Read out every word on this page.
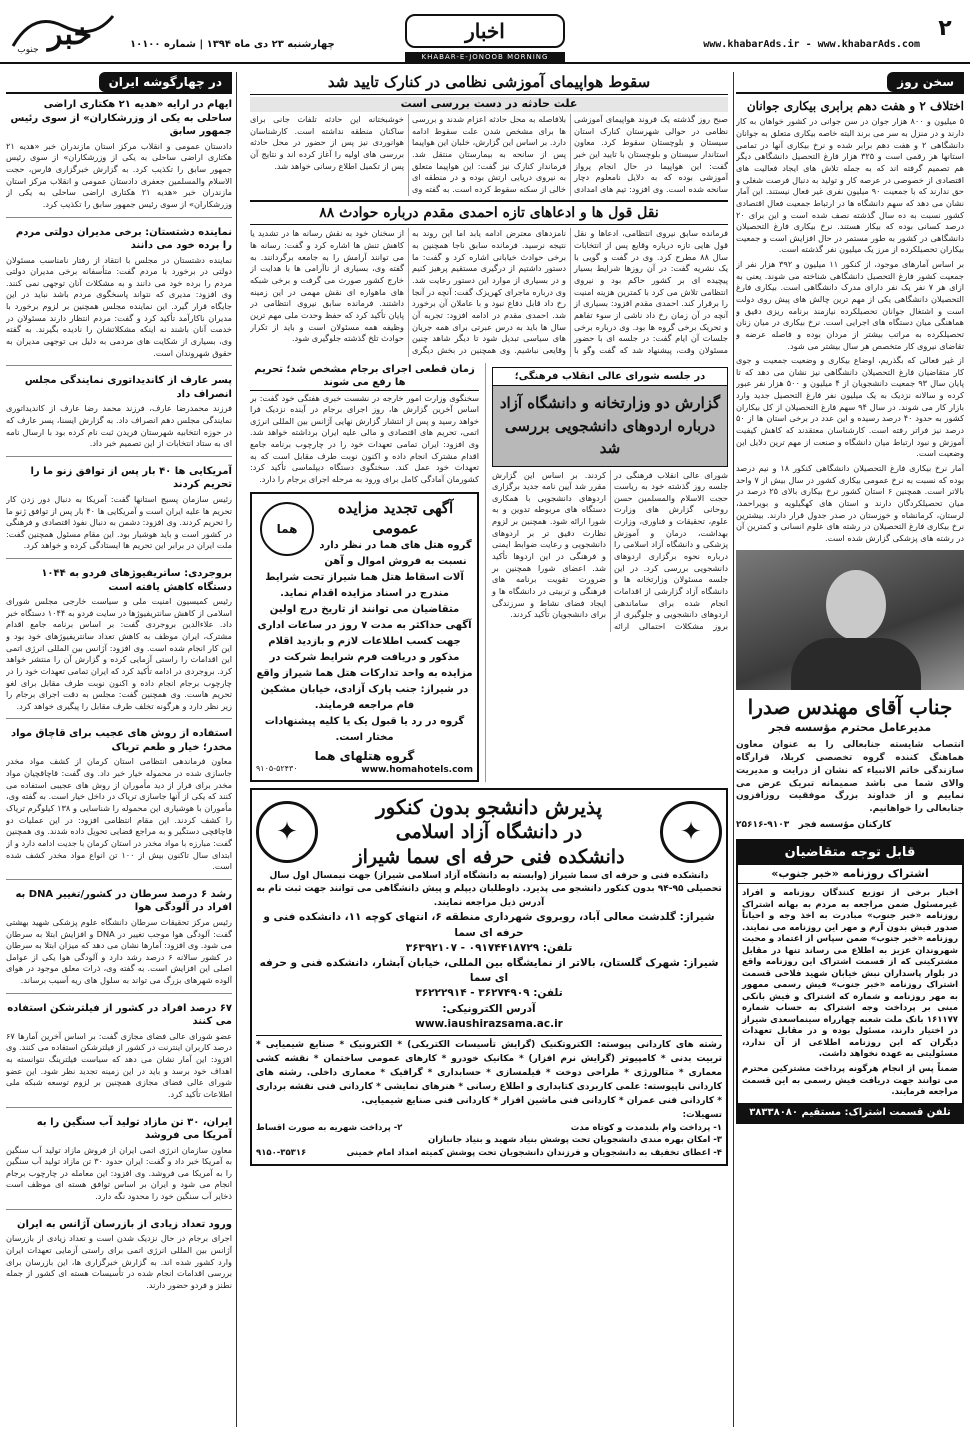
۲
www.khabarAds.ir - www.khabarAds.com
اخبار
KHABAR-E-JONOOB MORNING NEWSPAPER
چهارشنبه ۲۳ دی ماه ۱۳۹۴ | شماره ۱۰۱۰۰
خبر
جنوب
سخن روز
اختلاف ۲ و هفت دهم برابری بیکاری جوانان
۵ میلیون و ۸۰۰ هزار جوان در سن جوانی در کشور خواهان به کار دارند و در منزل به سر می برند البته خاصه بیکاری متعلق به جوانان دانشگاهی ۲ و هفت دهم برابر شده و نرخ بیکاری آنها در تمامی استانها هر رقمی است و ۳۲۵ هزار فارغ التحصیل دانشگاهی دیگر هم تصمیم گرفته اند که به جمله تلاش های ایجاد فعالیت های اقتصادی از خصوصی در عرصه کار و تولید به دنبال فرصت شغلی و حق ندارند که با جمعیت ۹۰ میلیون نفری غیر فعال نیستند. این آمار نشان می دهد که سهم دانشگاه ها در ارتباط جمعیت فعال اقتصادی کشور نسبت به ده سال گذشته نصف شده است و این برای ۲۰ درصد کسانی بوده که بیکار هستند. نرخ بیکاری فارغ التحصیلان دانشگاهی در کشور به طور مستمر در حال افزایش است و جمعیت بیکاران تحصیلکرده از مرز یک میلیون نفر گذشته است.
بر اساس آمارهای موجود، از کنکور ۱۱ میلیون و ۳۹۲ هزار نفر از جمعیت کشور فارغ التحصیل دانشگاهی شناخته می شوند. یعنی به ازای هر ۷ نفر یک نفر دارای مدرک دانشگاهی است. بیکاری فارغ التحصیلان دانشگاهی یکی از مهم ترین چالش های پیش روی دولت است و اشتغال جوانان تحصیلکرده نیازمند برنامه ریزی دقیق و هماهنگی میان دستگاه های اجرایی است. نرخ بیکاری در میان زنان تحصیلکرده به مراتب بیشتر از مردان بوده و فاصله عرضه و تقاضای نیروی کار متخصص هر سال بیشتر می شود.
از غیر فعالی که بگذریم، اوضاع بیکاری و وضعیت جمعیت و جوی کار متقاضیان فارغ التحصیلان دانشگاهی نیز نشان می دهد که تا پایان سال ۹۳ جمعیت دانشجویان از ۴ میلیون و ۵۰۰ هزار نفر عبور کرده و سالانه نزدیک به یک میلیون نفر فارغ التحصیل جدید وارد بازار کار می شوند. در سال ۹۴ سهم فارغ التحصیلان از کل بیکاران کشور به حدود ۴۰ درصد رسیده و این عدد در برخی استان ها از ۵۰ درصد نیز فراتر رفته است. کارشناسان معتقدند که کاهش کیفیت آموزش و نبود ارتباط میان دانشگاه و صنعت از مهم ترین دلایل این وضعیت است.
آمار نرخ بیکاری فارغ التحصیلان دانشگاهی کنکور ۱۸ و نیم درصد بوده که نسبت به نرخ عمومی بیکاری کشور در سال بیش از ۷ واحد بالاتر است. همچنین ۶ استان کشور نرخ بیکاری بالای ۲۵ درصد در میان تحصیلکردگان دارند و استان های کهگیلویه و بویراحمد، لرستان، کرمانشاه و خوزستان در صدر جدول قرار دارند. بیشترین نرخ بیکاری فارغ التحصیلان در رشته های علوم انسانی و کمترین آن در رشته های پزشکی گزارش شده است.
جناب آقای مهندس صدرا
مدیرعامل محترم مؤسسه فجر
انتصاب شایسته جنابعالی را به عنوان معاون هماهنگ کننده گروه تخصصی کربلا، قرارگاه سازندگی خاتم الانبیاء که نشان از درایت و مدیریت والای شما می باشد صمیمانه تبریک عرض می نماییم و از خداوند بزرگ موفقیت روزافزون جنابعالی را خواهانیم.
کارکنان مؤسسه فجر   ۹۱۰۳-۲۵۶۱۶
قابل توجه متقاضیان
اشتراک روزنامه «خبر جنوب»
اخبار برخی از توزیع کنندگان روزنامه و افراد غیرمسئول ضمن مراجعه به مردم به بهانه اشتراک روزنامه «خبر جنوب» مبادرت به اخذ وجه و احیاناً صدور فیش بدون آرم و مهر این روزنامه می نمایند. روزنامه «خبر جنوب» ضمن سپاس از اعتماد و محبت شهروندان عزیز به اطلاع می رساند تنها در مقابل مشترکینی که از قسمت اشتراک این روزنامه واقع در بلوار پاسداران نبش خیابان شهید فلاحی قسمت اشتراک روزنامه «خبر جنوب» فیش رسمی ممهور به مهر روزنامه و شماره که اشتراک و فیش بانکی مبنی بر پرداخت وجه اشتراک به حساب شماره ۱۶۱۱۷۷ بانک ملت شعبه چهارراه سینماسعدی شیراز در اختیار دارند، مسئول بوده و در مقابل تعهدات دیگران که این روزنامه اطلاعی از آن ندارد، مسئولیتی به عهده نخواهد داشت.
ضمناً پس از انجام هرگونه پرداخت مشترکین محترم می توانند جهت دریافت فیش رسمی به این قسمت مراجعه فرمایند.
تلفن قسمت اشتراک: مستقیم ۳۸۳۳۸۰۸۰
سقوط هواپیمای آموزشی نظامی در کنارک تایید شد
علت حادثه در دست بررسی است
صبح روز گذشته یک فروند هواپیمای آموزشی نظامی در حوالی شهرستان کنارک استان سیستان و بلوچستان سقوط کرد. معاون استاندار سیستان و بلوچستان با تایید این خبر گفت: این هواپیما در حال انجام پرواز آموزشی بوده که به دلایل نامعلوم دچار سانحه شده است. وی افزود: تیم های امدادی بلافاصله به محل حادثه اعزام شدند و بررسی ها برای مشخص شدن علت سقوط ادامه دارد. بر اساس این گزارش، خلبان این هواپیما پس از سانحه به بیمارستان منتقل شد. فرماندار کنارک نیز گفت: این هواپیما متعلق به نیروی دریایی ارتش بوده و در منطقه ای خالی از سکنه سقوط کرده است. به گفته وی خوشبختانه این حادثه تلفات جانی برای ساکنان منطقه نداشته است. کارشناسان هوانوردی نیز پس از حضور در محل حادثه بررسی های اولیه را آغاز کرده اند و نتایج آن پس از تکمیل اطلاع رسانی خواهد شد.
نقل قول ها و ادعاهای تازه احمدی مقدم درباره حوادث ۸۸
فرمانده سابق نیروی انتظامی، ادعاها و نقل قول هایی تازه درباره وقایع پس از انتخابات سال ۸۸ مطرح کرد. وی در گفت و گویی با یک نشریه گفت: در آن روزها شرایط بسیار پیچیده ای بر کشور حاکم بود و نیروی انتظامی تلاش می کرد با کمترین هزینه امنیت را برقرار کند. احمدی مقدم افزود: بسیاری از آنچه در آن زمان رخ داد ناشی از سوء تفاهم و تحریک برخی گروه ها بود. وی درباره برخی جلسات آن ایام گفت: در جلسه ای با حضور مسئولان وقت، پیشنهاد شد که گفت وگو با نامزدهای معترض ادامه یابد اما این روند به نتیجه نرسید. فرمانده سابق ناجا همچنین به برخی حوادث خیابانی اشاره کرد و گفت: ما دستور داشتیم از درگیری مستقیم پرهیز کنیم و در بسیاری از موارد این دستور رعایت شد. وی درباره ماجرای کهریزک گفت: آنچه در آنجا رخ داد قابل دفاع نبود و با عاملان آن برخورد شد. احمدی مقدم در ادامه افزود: تجربه آن سال ها باید به درس عبرتی برای همه جریان های سیاسی تبدیل شود تا دیگر شاهد چنین وقایعی نباشیم. وی همچنین در بخش دیگری از سخنان خود به نقش رسانه ها در تشدید یا کاهش تنش ها اشاره کرد و گفت: رسانه ها می توانند آرامش را به جامعه برگردانند. به گفته وی، بسیاری از ناآرامی ها با هدایت از خارج کشور صورت می گرفت و برخی شبکه های ماهواره ای نقش مهمی در این زمینه داشتند. فرمانده سابق نیروی انتظامی در پایان تأکید کرد که حفظ وحدت ملی مهم ترین وظیفه همه مسئولان است و باید از تکرار حوادث تلخ گذشته جلوگیری شود.
در جلسه شورای عالی انقلاب فرهنگی؛
گزارش دو وزارتخانه و دانشگاه آزاد درباره اردوهای دانشجویی بررسی شد
شورای عالی انقلاب فرهنگی در جلسه روز گذشته خود به ریاست حجت الاسلام والمسلمین حسن روحانی گزارش های وزارت علوم، تحقیقات و فناوری، وزارت بهداشت، درمان و آموزش پزشکی و دانشگاه آزاد اسلامی را درباره نحوه برگزاری اردوهای دانشجویی بررسی کرد. در این جلسه مسئولان وزارتخانه ها و دانشگاه آزاد گزارشی از اقدامات انجام شده برای ساماندهی اردوهای دانشجویی و جلوگیری از بروز مشکلات احتمالی ارائه کردند. بر اساس این گزارش مقرر شد آیین نامه جدید برگزاری اردوهای دانشجویی با همکاری دستگاه های مربوطه تدوین و به شورا ارائه شود. همچنین بر لزوم نظارت دقیق تر بر اردوهای دانشجویی و رعایت ضوابط ایمنی و فرهنگی در این اردوها تأکید شد. اعضای شورا همچنین بر ضرورت تقویت برنامه های فرهنگی و تربیتی در دانشگاه ها و ایجاد فضای نشاط و سرزندگی برای دانشجویان تأکید کردند.
زمان قطعی اجرای برجام مشخص شد؛ تحریم ها رفع می شوند
سخنگوی وزارت امور خارجه در نشست خبری هفتگی خود گفت: بر اساس آخرین گزارش ها، روز اجرای برجام در آینده نزدیک فرا خواهد رسید و پس از انتشار گزارش نهایی آژانس بین المللی انرژی اتمی، تحریم های اقتصادی و مالی علیه ایران برداشته خواهد شد. وی افزود: ایران تمامی تعهدات خود را در چارچوب برنامه جامع اقدام مشترک انجام داده و اکنون نوبت طرف مقابل است که به تعهدات خود عمل کند. سخنگوی دستگاه دیپلماسی تأکید کرد: کشورمان آمادگی کامل برای ورود به مرحله اجرای برجام را دارد.
هما
آگهی تجدید مزایده عمومی
گروه هتل های هما در نظر دارد نسبت به فروش اموال و آهن آلات اسقاط هتل هما شیراز تحت شرایط مندرج در اسناد مزایده اقدام نماید. متقاضیان می توانند از تاریخ درج اولین آگهی حداکثر به مدت ۷ روز در ساعات اداری جهت کسب اطلاعات لازم و بازدید اقلام مذکور و دریافت فرم شرایط شرکت در مزایده به واحد تدارکات هتل هما شیراز واقع در شیراز: جنب پارک آزادی، خیابان مشکین فام مراجعه فرمایند.
گروه در رد یا قبول یک یا کلیه پیشنهادات مختار است.
گروه هتلهای هما
www.homahotels.com
۹۱۰۵-۵۲۴۳۰
✦
پذیرش دانشجو بدون کنکور
در دانشگاه آزاد اسلامی
دانشکده فنی حرفه ای سما شیراز
✦
دانشکده فنی و حرفه ای سما شیراز (وابسته به دانشگاه آزاد اسلامی شیراز) جهت نیمسال اول سال تحصیلی ۹۵-۹۴ بدون کنکور دانشجو می پذیرد. داوطلبان دیپلم و پیش دانشگاهی می توانند جهت ثبت نام به آدرس ذیل مراجعه نمایند.
شیراز: گلدشت معالی آباد، روبروی شهرداری منطقه ۶، انتهای کوچه ۱۱، دانشکده فنی و حرفه ای سما
تلفن: ۰۹۱۷۴۴۱۸۷۲۹ - ۳۶۳۹۲۱۰۷
شیراز: شهرک گلستان، بالاتر از نمایشگاه بین المللی، خیابان آبشار، دانشکده فنی و حرفه ای سما
تلفن: ۳۶۲۷۴۹۰۹ - ۳۶۲۲۲۹۱۴
آدرس الکترونیکی:
www.iaushirazsama.ac.ir
رشته های کاردانی پیوسته: الکتروتکنیک (گرایش تأسیسات الکتریکی) * الکترونیک * صنایع شیمیایی * تربیت بدنی * کامپیوتر (گرایش نرم افزار) * مکانیک خودرو * کارهای عمومی ساختمان * نقشه کشی معماری * متالورژی * طراحی دوخت * فیلمسازی * حسابداری * گرافیک * معماری داخلی. رشته های کاردانی ناپیوسته: علمی کاربردی کتابداری و اطلاع رسانی * هنرهای نمایشی * کاردانی فنی نقشه برداری * کاردانی فنی عمران * کاردانی فنی ماشین افزار * کاردانی فنی صنایع شیمیایی.
تسهیلات:
۱- پرداخت وام بلندمدت و کوتاه مدت
۲- پرداخت شهریه به صورت اقساط
۳- امکان بهره مندی دانشجویان تحت پوشش بنیاد شهید و بنیاد جانبازان
۴- اعطای تخفیف به دانشجویان و فرزندان دانشجویان تحت پوشش کمیته امداد امام خمینی
۹۱۵۰-۳۵۳۱۶
در چهارگوشه ایران
ایهام در ارایه «هدیه ۲۱ هکتاری اراضی ساحلی به یکی از وزرشکاران» از سوی رئیس جمهور سابق
دادستان عمومی و انقلاب مرکز استان مازندران خبر «هدیه ۲۱ هکتاری اراضی ساحلی به یکی از وزرشکاران» از سوی رئیس جمهور سابق را تکذیب کرد. به گزارش خبرگزاری فارس، حجت الاسلام والمسلمین جعفری دادستان عمومی و انقلاب مرکز استان مازندران خبر «هدیه ۲۱ هکتاری اراضی ساحلی به یکی از وزرشکاران» از سوی رئیس جمهور سابق را تکذیب کرد.
نماینده دشتستان: برخی مدیران دولتی مردم را برده خود می دانند
نماینده دشتستان در مجلس با انتقاد از رفتار نامناسب مسئولان دولتی در برخورد با مردم گفت: متأسفانه برخی مدیران دولتی مردم را برده خود می دانند و به مشکلات آنان توجهی نمی کنند. وی افزود: مدیری که نتواند پاسخگوی مردم باشد نباید در این جایگاه قرار گیرد. این نماینده مجلس همچنین بر لزوم برخورد با مدیران ناکارآمد تأکید کرد و گفت: مردم انتظار دارند مسئولان در خدمت آنان باشند نه اینکه مشکلاتشان را نادیده بگیرند. به گفته وی، بسیاری از شکایت های مردمی به دلیل بی توجهی مدیران به حقوق شهروندان است.
پسر عارف از کاندیداتوری نمایندگی مجلس انصراف داد
فرزند محمدرضا عارف، فرزند محمد رضا عارف از کاندیداتوری نمایندگی مجلس دهم انصراف داد. به گزارش ایسنا، پسر عارف که در حوزه انتخابیه شهرستان فریدن ثبت نام کرده بود با ارسال نامه ای به ستاد انتخابات از این تصمیم خبر داد.
آمریکایی ها ۴۰ بار پس از توافق زنو ما را تحریم کردند
رئیس سازمان پسیج استانها گفت: آمریکا به دنبال دور زدن کار تحریم ها علیه ایران است و آمریکایی ها ۴۰ بار پس از توافق ژنو ما را تحریم کردند. وی افزود: دشمن به دنبال نفوذ اقتصادی و فرهنگی در کشور است و باید هوشیار بود. این مقام مسئول همچنین گفت: ملت ایران در برابر این تحریم ها ایستادگی کرده و خواهد کرد.
بروجردی: ساتریفیوژهای فردو به ۱۰۴۴ دستگاه کاهش یافته است
رئیس کمیسیون امنیت ملی و سیاست خارجی مجلس شورای اسلامی از کاهش سانتریفیوژها در سایت فردو به ۱۰۴۴ دستگاه خبر داد. علاءالدین بروجردی گفت: بر اساس برنامه جامع اقدام مشترک، ایران موظف به کاهش تعداد سانتریفیوژهای خود بود و این کار انجام شده است. وی افزود: آژانس بین المللی انرژی اتمی این اقدامات را راستی آزمایی کرده و گزارش آن را منتشر خواهد کرد. بروجردی در ادامه تأکید کرد که ایران تمامی تعهدات خود را در چارچوب برجام انجام داده و اکنون نوبت طرف مقابل برای لغو تحریم هاست. وی همچنین گفت: مجلس به دقت اجرای برجام را زیر نظر دارد و هرگونه تخلف طرف مقابل را پیگیری خواهد کرد.
استفاده از روش های عجیب برای قاچاق مواد مخدر؛ خیار و طعم ترياک
معاون فرماندهی انتظامی استان کرمان از کشف مواد مخدر جاسازی شده در محموله خیار خبر داد. وی گفت: قاچاقچیان مواد مخدر برای فرار از دید مأموران از روش های عجیبی استفاده می کنند که یکی از آنها جاسازی تریاک در داخل خیار است. به گفته وی، مأموران با هوشیاری این محموله را شناسایی و ۱۳۸ کیلوگرم تریاک را کشف کردند. این مقام انتظامی افزود: در این عملیات دو قاچاقچی دستگیر و به مراجع قضایی تحویل داده شدند. وی همچنین گفت: مبارزه با مواد مخدر در استان کرمان با جدیت ادامه دارد و از ابتدای سال تاکنون بیش از ۱۰۰ تن انواع مواد مخدر کشف شده است.
رشد ۶ درصد سرطان در کشور/تغییر DNA به افراد در آلودگی هوا
رئیس مرکز تحقیقات سرطان دانشگاه علوم پزشکی شهید بهشتی گفت: آلودگی هوا موجب تغییر در DNA و افزایش ابتلا به سرطان می شود. وی افزود: آمارها نشان می دهد که میزان ابتلا به سرطان در کشور سالانه ۶ درصد رشد دارد و آلودگی هوا یکی از عوامل اصلی این افزایش است. به گفته وی، ذرات معلق موجود در هوای آلوده شهرهای بزرگ می تواند به سلول های ریه آسیب برساند.
۶۷ درصد افراد در کشور از فیلترشکن استفاده می کنند
عضو شورای عالی فضای مجازی گفت: بر اساس آخرین آمارها ۶۷ درصد کاربران اینترنت در کشور از فیلترشکن استفاده می کنند. وی افزود: این آمار نشان می دهد که سیاست فیلترینگ نتوانسته به اهداف خود برسد و باید در این زمینه تجدید نظر شود. این عضو شورای عالی فضای مجازی همچنین بر لزوم توسعه شبکه ملی اطلاعات تأکید کرد.
ایران، ۳۰ تن مازاد تولید آب سنگین را به آمریکا می فروشد
معاون سازمان انرژی اتمی ایران از فروش مازاد تولید آب سنگین به آمریکا خبر داد و گفت: ایران حدود ۳۰ تن مازاد تولید آب سنگین را به آمریکا می فروشد. وی افزود: این معامله در چارچوب برجام انجام می شود و ایران بر اساس توافق هسته ای موظف است ذخایر آب سنگین خود را محدود نگه دارد.
ورود تعداد زیادی از بازرسان آژانس به ایران
اجرای برجام در حال نزدیک شدن است و تعداد زیادی از بازرسان آژانس بین المللی انرژی اتمی برای راستی آزمایی تعهدات ایران وارد کشور شده اند. به گزارش خبرگزاری ها، این بازرسان برای بررسی اقدامات انجام شده در تأسیسات هسته ای کشور از جمله نطنز و فردو حضور دارند.
